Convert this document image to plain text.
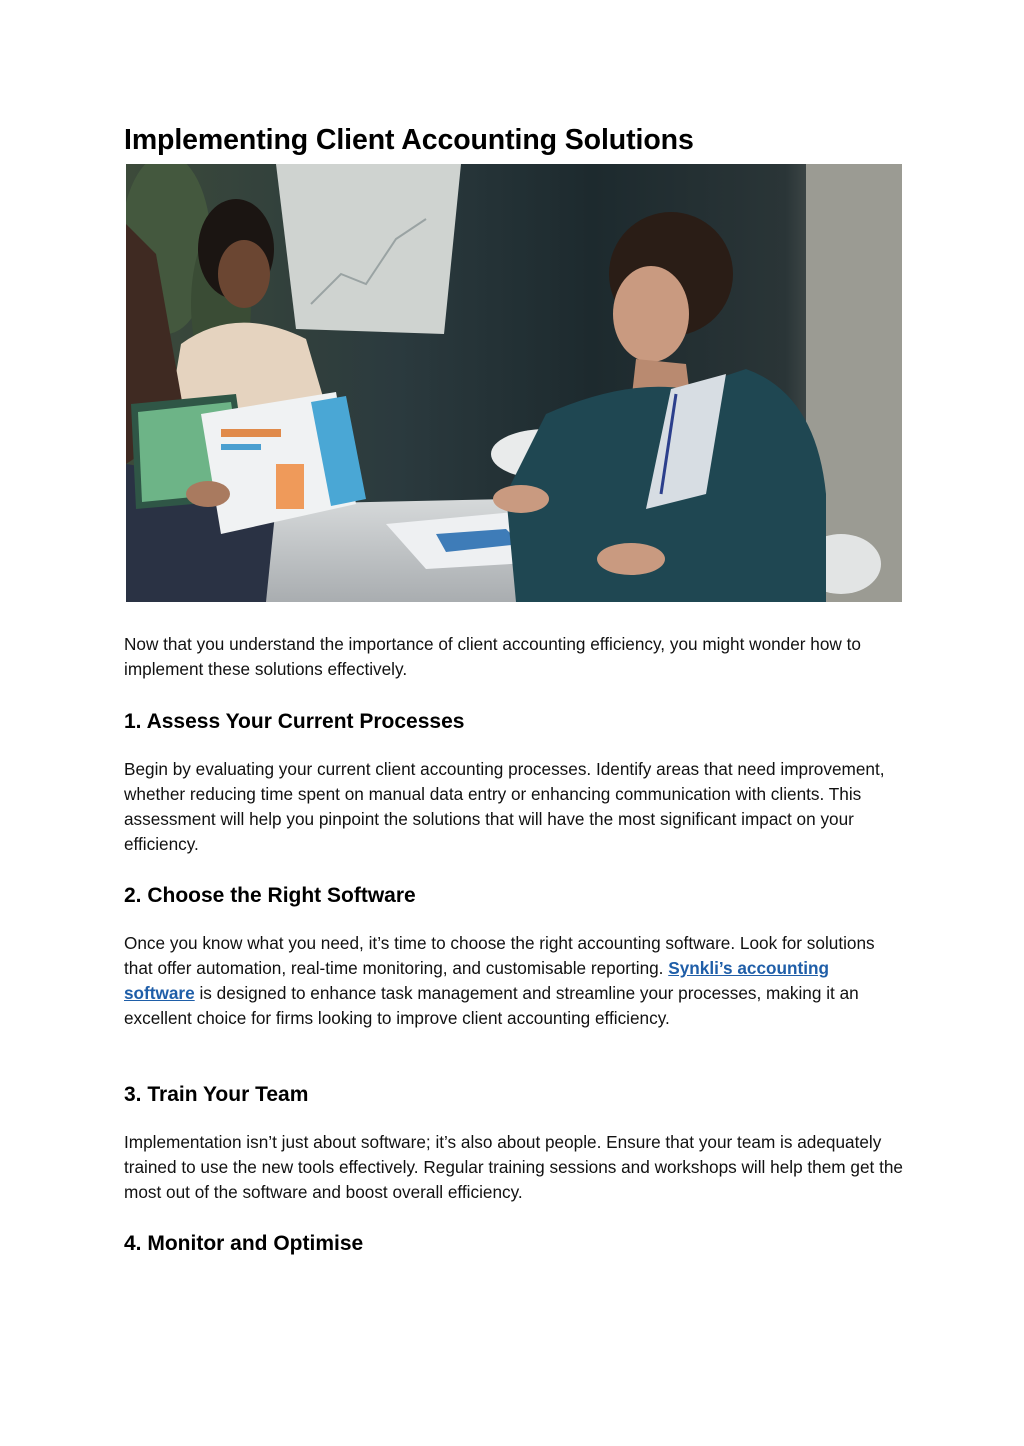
Implementing Client Accounting Solutions

Now that you understand the importance of client accounting efficiency, you might wonder how to implement these solutions effectively.

1. Assess Your Current Processes

Begin by evaluating your current client accounting processes. Identify areas that need improvement, whether reducing time spent on manual data entry or enhancing communication with clients. This assessment will help you pinpoint the solutions that will have the most significant impact on your efficiency.

2. Choose the Right Software

Once you know what you need, it’s time to choose the right accounting software. Look for solutions that offer automation, real-time monitoring, and customisable reporting. Synkli’s accounting software is designed to enhance task management and streamline your processes, making it an excellent choice for firms looking to improve client accounting efficiency.

3. Train Your Team

Implementation isn’t just about software; it’s also about people. Ensure that your team is adequately trained to use the new tools effectively. Regular training sessions and workshops will help them get the most out of the software and boost overall efficiency.

4. Monitor and Optimise
